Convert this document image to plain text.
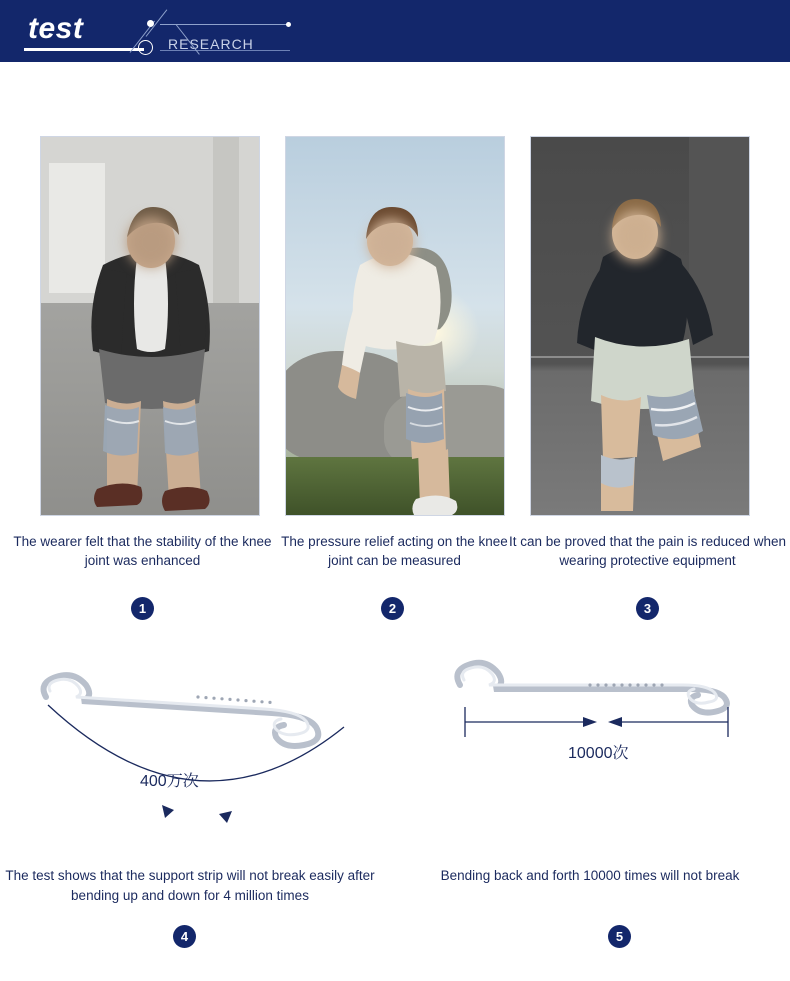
test	RESEARCH
The wearer felt that the stability of the knee joint was enhanced
The pressure relief acting on the knee joint can be measured
It can be proved that the pain is reduced when wearing protective equipment
1	2	3
400万次
10000次
The test shows that the support strip will not break easily after bending up and down for 4 million times
Bending back and forth 10000 times will not break
4	5
